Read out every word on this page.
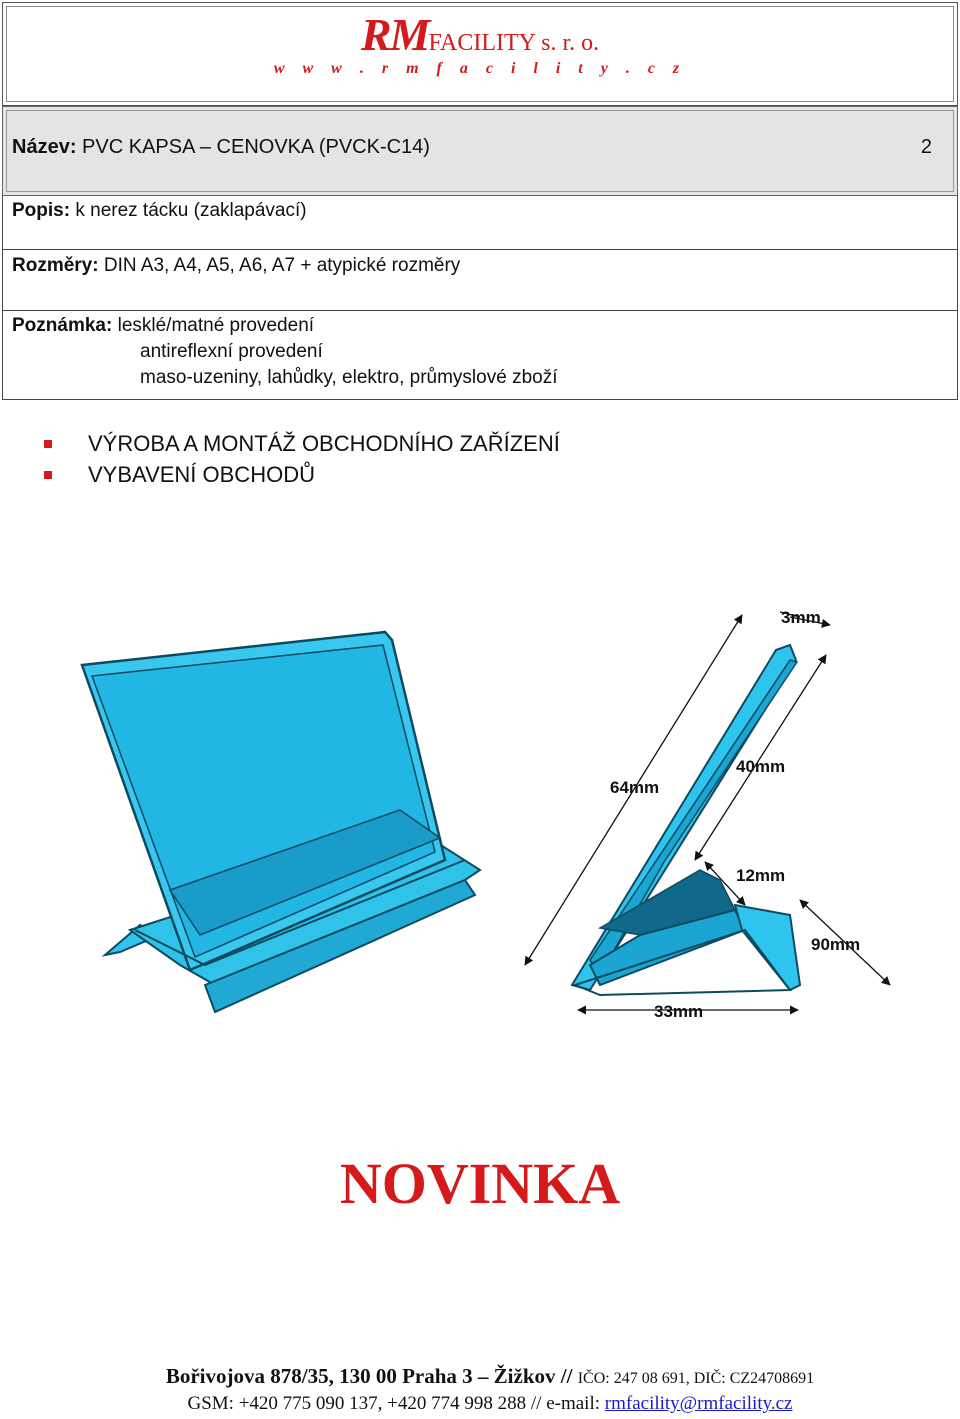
RMFACILITY s. r. o.
w w w . r m f a c i l i t y . c z
Název: PVC KAPSA – CENOVKA (PVCK-C14)	2
Popis: k nerez tácku (zaklapávací)
Rozměry: DIN A3, A4, A5, A6, A7 + atypické rozměry
Poznámka: lesklé/matné provedení
antireflexní provedení
maso-uzeniny, lahůdky, elektro, průmyslové zboží
VÝROBA A MONTÁŽ OBCHODNÍHO ZAŘÍZENÍ
VYBAVENÍ OBCHODŮ
3mm
64mm
40mm
12mm
90mm
33mm
NOVINKA
Bořivojova 878/35, 130 00 Praha 3 – Žižkov // IČO: 247 08 691, DIČ: CZ24708691
GSM: +420 775 090 137, +420 774 998 288 // e-mail: rmfacility@rmfacility.cz
